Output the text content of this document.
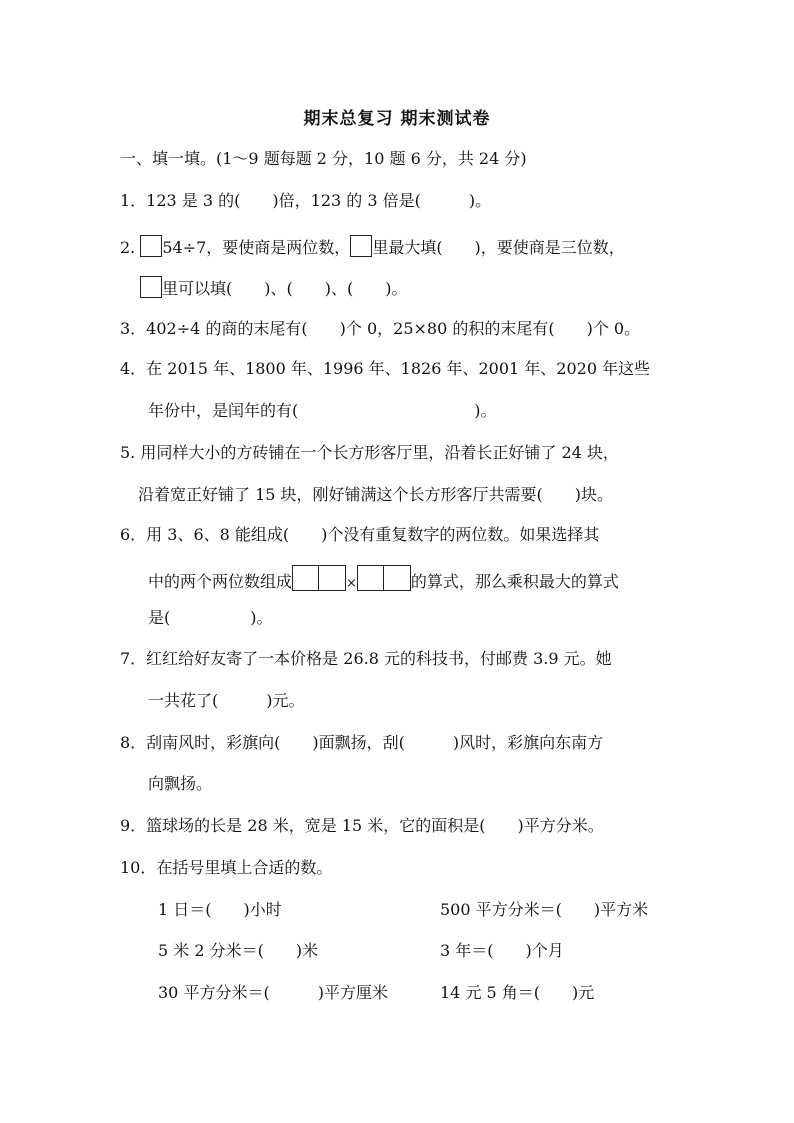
期末总复习 期末测试卷
一、填一填。(1～9 题每题 2 分，10 题 6 分，共 24 分)
1．123 是 3 的(　　)倍，123 的 3 倍是(　　　)。
2. 54÷7，要使商是两位数， 里最大填(　　)，要使商是三位数，
里可以填(　　)、(　　)、(　　)。
3．402÷4 的商的末尾有(　　)个 0，25×80 的积的末尾有(　　)个 0。
4．在 2015 年、1800 年、1996 年、1826 年、2001 年、2020 年这些
年份中，是闰年的有(　　　　　　　　　　　)。
5. 用同样大小的方砖铺在一个长方形客厅里，沿着长正好铺了 24 块，
沿着宽正好铺了 15 块，刚好铺满这个长方形客厅共需要(　　)块。
6．用 3、6、8 能组成(　　)个没有重复数字的两位数。如果选择其
中的两个两位数组成	×	的算式，那么乘积最大的算式
是(　　　　　)。
7．红红给好友寄了一本价格是 26.8 元的科技书，付邮费 3.9 元。她
一共花了(　　　)元。
8．刮南风时，彩旗向(　　)面飘扬，刮(　　　)风时，彩旗向东南方
向飘扬。
9．篮球场的长是 28 米，宽是 15 米，它的面积是(　　)平方分米。
10．在括号里填上合适的数。
1 日＝(　　)小时	500 平方分米＝(　　)平方米
5 米 2 分米＝(　　)米	3 年＝(　　)个月
30 平方分米＝(　　　)平方厘米	14 元 5 角＝(　　)元
